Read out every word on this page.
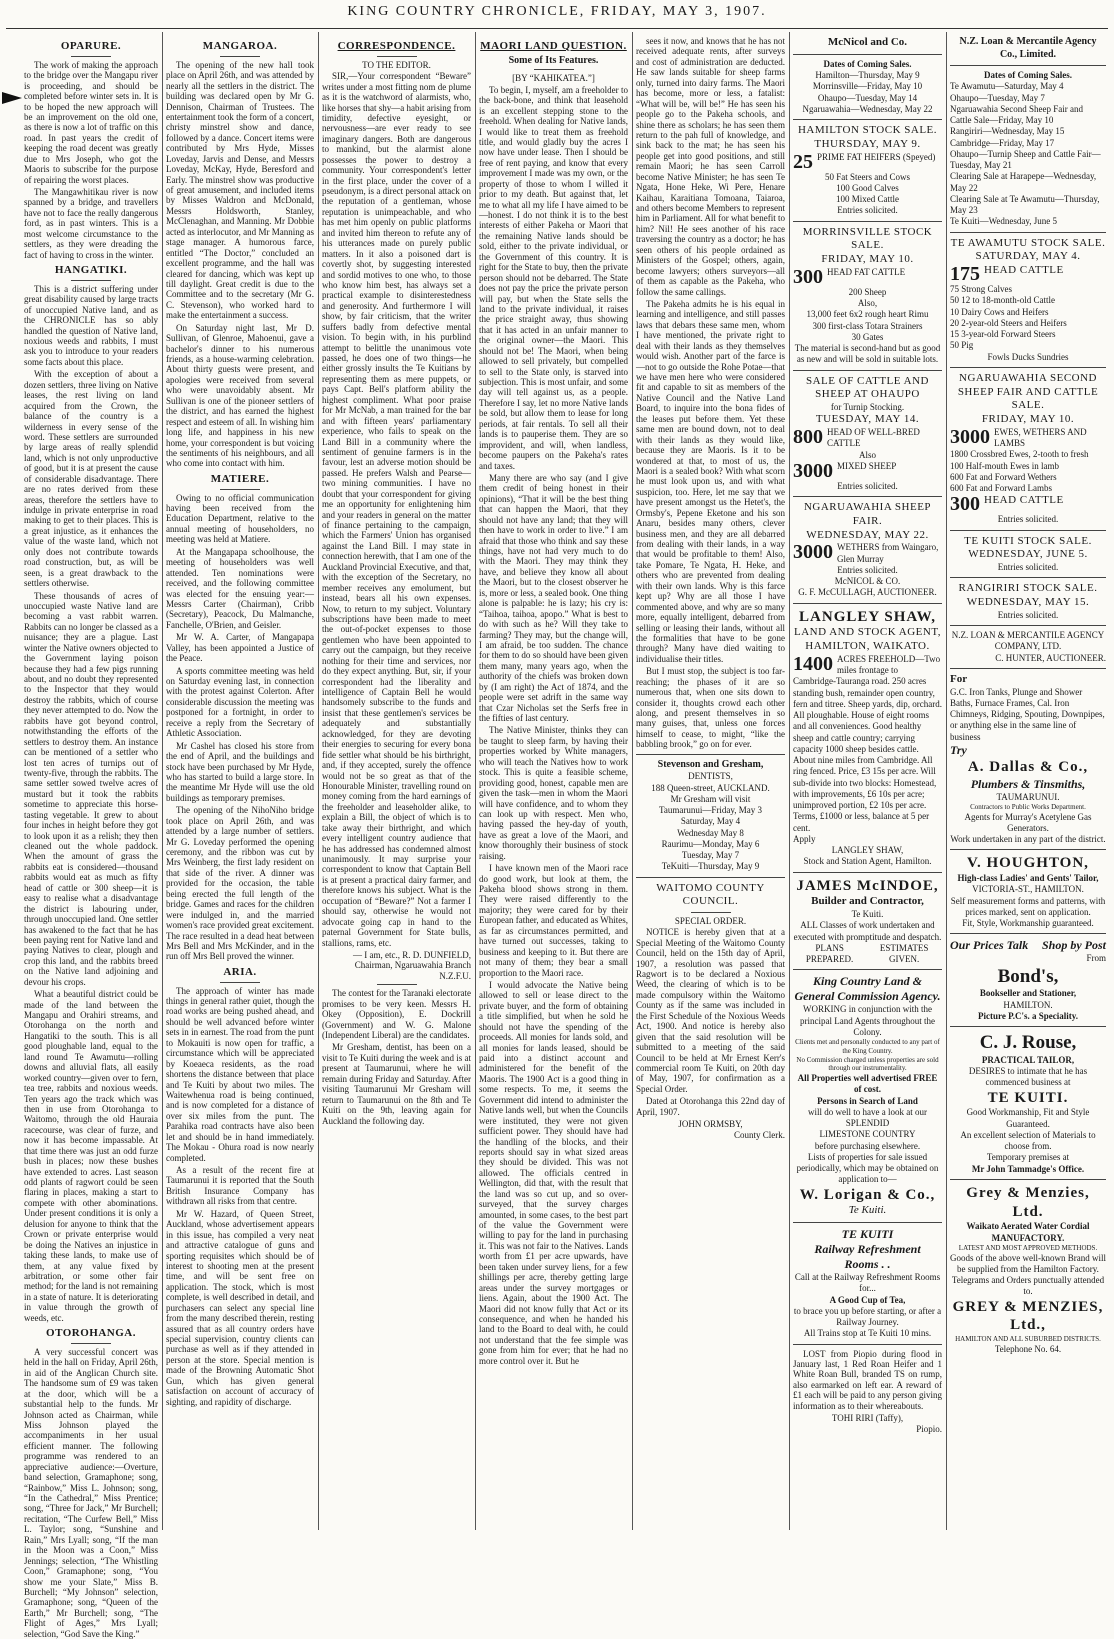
KING COUNTRY CHRONICLE, FRIDAY, MAY 3, 1907.
OPARURE.

The work of making the approach to the bridge over the Mangapu river is proceeding, and should be completed before winter sets in. It is to be hoped the new approach will be an improvement on the old one, as there is now a lot of traffic on this road. In past years the credit of keeping the road decent was greatly due to Mrs Joseph, who got the Maoris to subscribe for the purpose of repairing the worst places.

The Mangawhitikau river is now spanned by a bridge, and travellers have not to face the really dangerous ford, as in past winters. This is a most welcome circumstance to the settlers, as they were dreading the fact of having to cross in the winter.

HANGATIKI.

This is a district suffering under great disability caused by large tracts of unoccupied Native land, and as the CHRONICLE has so ably handled the question of Native land, noxious weeds and rabbits, I must ask you to introduce to your readers some facts about this place.

With the exception of about a dozen settlers, three living on Native leases, the rest living on land acquired from the Crown, the balance of the country is a wilderness in every sense of the word. These settlers are surrounded by large areas of really splendid land, which is not only unproductive of good, but it is at present the cause of considerable disadvantage. There are no rates derived from these areas, therefore the settlers have to indulge in private enterprise in road making to get to their places. This is a great injustice, as it enhances the value of the waste land, which not only does not contribute towards road construction, but, as will be seen, is a great drawback to the settlers otherwise.

These thousands of acres of unoccupied waste Native land are becoming a vast rabbit warren. Rabbits can no longer be classed as a nuisance; they are a plague. Last winter the Native owners objected to the Government laying poison because they had a few pigs running about, and no doubt they represented to the Inspector that they would destroy the rabbits, which of course they never attempted to do. Now the rabbits have got beyond control, notwithstanding the efforts of the settlers to destroy them. An instance can be mentioned of a settler who lost ten acres of turnips out of twenty-five, through the rabbits. The same settler sowed twelve acres of mustard but it took the rabbits sometime to appreciate this horse-tasting vegetable. It grew to about four inches in height before they got to look upon it as a relish; they then cleaned out the whole paddock. When the amount of grass the rabbits eat is considered—thousand rabbits would eat as much as fifty head of cattle or 300 sheep—it is easy to realise what a disadvantage the district is labouring under, through unoccupied land. One settler has awakened to the fact that he has been paying rent for Native land and paying Natives to clear, plough and crop this land, and the rabbits breed on the Native land adjoining and devour his crops.

What a beautiful district could be made of the land between the Mangapu and Orahiri streams, and Otorohanga on the north and Hangatiki to the south. This is all good ploughable land, equal to the land round Te Awamutu—rolling downs and alluvial flats, all easily worked country—given over to fern, tea tree, rabbits and noxious weeds. Ten years ago the track which was then in use from Otorohanga to Waitomo, through the old Hauraia racecourse, was clear of furze, and now it has become impassable. At that time there was just an odd furze bush in places; now these bushes have extended to acres. Last season odd plants of ragwort could be seen flaring in places, making a start to compete with other abominations. Under present conditions it is only a delusion for anyone to think that the Crown or private enterprise would be doing the Natives an injustice in taking these lands, to make use of them, at any value fixed by arbitration, or some other fair method; for the land is not remaining in a state of nature. It is deteriorating in value through the growth of weeds, etc.

OTOROHANGA.

A very successful concert was held in the hall on Friday, April 26th, in aid of the Anglican Church site. The handsome sum of £9 was taken at the door, which will be a substantial help to the funds. Mr Johnson acted as Chairman, while Miss Johnson played the accompaniments in her usual efficient manner. The following programme was rendered to an appreciative audience:—Overture, band selection, Gramaphone; song, “Rainbow,” Miss L. Johnson; song, “In the Cathedral,” Miss Prentice; song, “Three for Jack,” Mr Burchell; recitation, “The Curfew Bell,” Miss L. Taylor; song, “Sunshine and Rain,” Mrs Lyall; song, “If the man in the Moon was a Coon,” Miss Jennings; selection, “The Whistling Coon,” Gramaphone; song, “You show me your Slate,” Miss B. Burchell; “My Johnson” selection, Gramaphone; song, “Queen of the Earth,” Mr Burchell; song, “The Flight of Ages,” Mrs Lyall; selection, “God Save the King.”

MANGAROA.

The opening of the new hall took place on April 26th, and was attended by nearly all the settlers in the district. The building was declared open by Mr G. Dennison, Chairman of Trustees. The entertainment took the form of a concert, christy minstrel show and dance, followed by a dance. Concert items were contributed by Mrs Hyde, Misses Loveday, Jarvis and Dense, and Messrs Loveday, McKay, Hyde, Beresford and Early. The minstrel show was productive of great amusement, and included items by Misses Waldron and McDonald, Messrs Holdsworth, Stanley, McClenaghan, and Manning. Mr Dobbie acted as interlocutor, and Mr Manning as stage manager. A humorous farce, entitled “The Doctor,” concluded an excellent programme, and the hall was cleared for dancing, which was kept up till daylight. Great credit is due to the Committee and to the secretary (Mr G. C. Stevenson), who worked hard to make the entertainment a success.

On Saturday night last, Mr D. Sullivan, of Glenroe, Mahoenui, gave a bachelor's dinner to his numerous friends, as a house-warming celebration. About thirty guests were present, and apologies were received from several who were unavoidably absent. Mr Sullivan is one of the pioneer settlers of the district, and has earned the highest respect and esteem of all. In wishing him long life, and happiness in his new home, your correspondent is but voicing the sentiments of his neighbours, and all who come into contact with him.

MATIERE.

Owing to no official communication having been received from the Education Department, relative to the annual meeting of householders, no meeting was held at Matiere.

At the Mangapapa schoolhouse, the meeting of householders was well attended. Ten nominations were received, and the following committee was elected for the ensuing year:—Messrs Carter (Chairman), Cribb (Secretary), Peacock, Du Malmanche, Fanchelle, O'Brien, and Geisler.

Mr W. A. Carter, of Mangapapa Valley, has been appointed a Justice of the Peace.

A sports committee meeting was held on Saturday evening last, in connection with the protest against Colerton. After considerable discussion the meeting was postponed for a fortnight, in order to receive a reply from the Secretary of Athletic Association.

Mr Cashel has closed his store from the end of April, and the buildings and stock have been purchased by Mr Hyde, who has started to build a large store. In the meantime Mr Hyde will use the old buildings as temporary premises.

The opening of the NihoNiho bridge took place on April 26th, and was attended by a large number of settlers. Mr G. Loveday performed the opening ceremony, and the ribbon was cut by Mrs Weinberg, the first lady resident on that side of the river. A dinner was provided for the occasion, the table being erected the full length of the bridge. Games and races for the children were indulged in, and the married women's race provided great excitement. The race resulted in a dead heat between Mrs Bell and Mrs McKinder, and in the run off Mrs Bell proved the winner.

ARIA.

The approach of winter has made things in general rather quiet, though the road works are being pushed ahead, and should be well advanced before winter sets in in earnest. The road from the punt to Mokauiti is now open for traffic, a circumstance which will be appreciated by Koeaeca residents, as the road shortens the distance between that place and Te Kuiti by about two miles. The Waitewhenua road is being continued, and is now completed for a distance of over six miles from the punt. The Parahika road contracts have also been let and should be in hand immediately. The Mokau - Ohura road is now nearly completed.

As a result of the recent fire at Taumarunui it is reported that the South British Insurance Company has withdrawn all risks from that centre.

Mr W. Hazard, of Queen Street, Auckland, whose advertisement appears in this issue, has compiled a very neat and attractive catalogue of guns and sporting requisites which should be of interest to shooting men at the present time, and will be sent free on application. The stock, which is most complete, is well described in detail, and purchasers can select any special line from the many described therein, resting assured that as all country orders have special supervision, country clients can purchase as well as if they attended in person at the store. Special mention is made of the Browning Automatic Shot Gun, which has given general satisfaction on account of accuracy of sighting, and rapidity of discharge.

CORRESPONDENCE.
TO THE EDITOR.

SIR,—Your correspondent “Beware” writes under a most fitting nom de plume as it is the watchword of alarmists, who, like horses that shy—a habit arising from timidity, defective eyesight, or nervousness—are ever ready to see imaginary dangers. Both are dangerous to mankind, but the alarmist alone possesses the power to destroy a community. Your correspondent's letter in the first place, under the cover of a pseudonym, is a direct personal attack on the reputation of a gentleman, whose reputation is unimpeachable, and who has met him openly on public platforms and invited him thereon to refute any of his utterances made on purely public matters. In it also a poisoned dart is covertly shot, by suggesting interested and sordid motives to one who, to those who know him best, has always set a practical example to disinterestedness and generosity. And furthermore I will show, by fair criticism, that the writer suffers badly from defective mental vision. To begin with, in his purblind attempt to belittle the unanimous vote passed, he does one of two things—he either grossly insults the Te Kuitians by representing them as mere puppets, or pays Capt. Bell's platform ability the highest compliment. What poor praise for Mr McNab, a man trained for the bar and with fifteen years' parliamentary experience, who fails to speak on the Land Bill in a community where the sentiment of genuine farmers is in the favour, lest an adverse motion should be passed. He prefers Walsh and Pearse—two mining communities. I have no doubt that your correspondent for giving me an opportunity for enlightening him and your readers in general on the matter of finance pertaining to the campaign, which the Farmers' Union has organised against the Land Bill. I may state in connection herewith, that I am one of the Auckland Provincial Executive, and that, with the exception of the Secretary, no member receives any emolument, but instead, bears all his own expenses. Now, to return to my subject. Voluntary subscriptions have been made to meet the out-of-pocket expenses to those gentlemen who have been appointed to carry out the campaign, but they receive nothing for their time and services, nor do they expect anything. But, sir, if your correspondent had the liberality and intelligence of Captain Bell he would handsomely subscribe to the funds and insist that these gentlemen's services be adequately and substantially acknowledged, for they are devoting their energies to securing for every bona fide settler what should be his birthright, and, if they accepted, surely the offence would not be so great as that of the Honourable Minister, travelling round on money coming from the hard earnings of the freeholder and leaseholder alike, to explain a Bill, the object of which is to take away their birthright, and which every intelligent country audience that he has addressed has condemned almost unanimously. It may surprise your correspondent to know that Captain Bell is at present a practical dairy farmer, and therefore knows his subject. What is the occupation of “Beware?” Not a farmer I should say, otherwise he would not advocate going cap in hand to the paternal Government for State bulls, stallions, rams, etc.

— I am, etc., R. D. DUNFIELD, Chairman, Ngaruawahia Branch N.Z.F.U.

The contest for the Taranaki electorate promises to be very keen. Messrs H. Okey (Opposition), E. Dockrill (Government) and W. G. Malone (Independent Liberal) are the candidates.

Mr Gresham, dentist, has been on a visit to Te Kuiti during the week and is at present at Taumarunui, where he will remain during Friday and Saturday. After visiting Taumarunui Mr Gresham will return to Taumarunui on the 8th and Te Kuiti on the 9th, leaving again for Auckland the following day.

MAORI LAND QUESTION.
Some of Its Features.
[BY “KAHIKATEA.”]

To begin, I, myself, am a freeholder to the back-bone, and think that leasehold is an excellent stepping stone to the freehold. When dealing for Native lands, I would like to treat them as freehold title, and would gladly buy the acres I now have under lease. Then I should be free of rent paying, and know that every improvement I made was my own, or the property of those to whom I willed it prior to my death. But against that, let me to what all my life I have aimed to be—honest. I do not think it is to the best interests of either Pakeha or Maori that the remaining Native lands should be sold, either to the private individual, or the Government of this country. It is right for the State to buy, then the private person should not be debarred. The State does not pay the price the private person will pay, but when the State sells the land to the private individual, it raises the price straight away, thus showing that it has acted in an unfair manner to the original owner—the Maori. This should not be! The Maori, when being allowed to sell privately, but compelled to sell to the State only, is starved into subjection. This is most unfair, and some day will tell against us, as a people. Therefore I say, let no more Native lands be sold, but allow them to lease for long periods, at fair rentals. To sell all their lands is to pauperise them. They are so improvident, and will, when landless, become paupers on the Pakeha's rates and taxes.

Many there are who say (and I give them credit of being honest in their opinions), “That it will be the best thing that can happen the Maori, that they should not have any land; that they will then have to work in order to live.” I am afraid that those who think and say these things, have not had very much to do with the Maori. They may think they have, and believe they know all about the Maori, but to the closest observer he is, more or less, a sealed book. One thing alone is palpable: he is lazy; his cry is: “Taihoa, taihoa, apopo.” What is best to do with such as he? Will they take to farming? They may, but the change will, I am afraid, be too sudden. The chance for them to do so should have been given them many, many years ago, when the authority of the chiefs was broken down by (I am right) the Act of 1874, and the people were set adrift in the same way that Czar Nicholas set the Serfs free in the fifties of last century.

The Native Minister, thinks they can be taught to sleep farm, by having their properties worked by White managers, who will teach the Natives how to work stock. This is quite a feasible scheme, providing good, honest, capable men are given the task—men in whom the Maori will have confidence, and to whom they can look up with respect. Men who, having passed the hey-day of youth, have as great a love of the Maori, and know thoroughly their business of stock raising.

I have known men of the Maori race do good work, but look at them, the Pakeha blood shows strong in them. They were raised differently to the majority; they were cared for by their European father, and educated as Whites, as far as circumstances permitted, and have turned out successes, taking to business and keeping to it. But there are not many of them; they bear a small proportion to the Maori race.

I would advocate the Native being allowed to sell or lease direct to the private buyer, and the form of obtaining a title simplified, but when he sold he should not have the spending of the proceeds. All monies for lands sold, and all monies for lands leased, should be paid into a distinct account and administered for the benefit of the Maoris. The 1900 Act is a good thing in some respects. To me, it seems the Government did intend to administer the Native lands well, but when the Councils were instituted, they were not given sufficient power. They should have had the handling of the blocks, and their reports should say in what sized areas they should be divided. This was not allowed. The officials centred in Wellington, did that, with the result that the land was so cut up, and so over-surveyed, that the survey charges amounted, in some cases, to the best part of the value the Government were willing to pay for the land in purchasing it. This was not fair to the Natives. Lands worth from £1 per acre upwards, have been taken under survey liens, for a few shillings per acre, thereby getting large areas under the survey mortgages or liens. Again, about the 1900 Act. The Maori did not know fully that Act or its consequence, and when he handed his land to the Board to deal with, he could not understand that the fee simple was gone from him for ever; that he had no more control over it. But he

sees it now, and knows that he has not received adequate rents, after surveys and cost of administration are deducted. He saw lands suitable for sheep farms only, turned into dairy farms. The Maori has become, more or less, a fatalist: “What will be, will be!” He has seen his people go to the Pakeha schools, and shine there as scholars; he has seen them return to the pah full of knowledge, and sink back to the mat; he has seen his people get into good positions, and still remain Maori; he has seen Carroll become Native Minister; he has seen Te Ngata, Hone Heke, Wi Pere, Henare Kaihau, Karaitiana Tomoana, Taiaroa, and others become Members to represent him in Parliament. All for what benefit to him? Nil! He sees another of his race traversing the country as a doctor; he has seen others of his people ordained as Ministers of the Gospel; others, again, become lawyers; others surveyors—all of them as capable as the Pakeha, who follow the same callings.

The Pakeha admits he is his equal in learning and intelligence, and still passes laws that debars these same men, whom I have mentioned, the private right to deal with their lands as they themselves would wish. Another part of the farce is—not to go outside the Rohe Potae—that we have men here who were considered fit and capable to sit as members of the Native Council and the Native Land Board, to inquire into the bona fides of the leases put before them. Yet these same men are bound down, not to deal with their lands as they would like, because they are Maoris. Is it to be wondered at that, to most of us, the Maori is a sealed book? With what scorn he must look upon us, and with what suspicion, too. Here, let me say that we have present amongst us the Hetet's, the Ormsby's, Pepene Eketone and his son Anaru, besides many others, clever business men, and they are all debarred from dealing with their lands, in a way that would be profitable to them! Also, take Pomare, Te Ngata, H. Heke, and others who are prevented from dealing with their own lands. Why is this farce kept up? Why are all those I have commented above, and why are so many more, equally intelligent, debarred from selling or leasing their lands, without all the formalities that have to be gone through? Many have died waiting to individualise their titles.

But I must stop, the subject is too far-reaching; the phases of it are so numerous that, when one sits down to consider it, thoughts crowd each other along, and present themselves in so many guises, that, unless one forces himself to cease, to might, “like the babbling brook,” go on for ever.

Stevenson and Gresham,
DENTISTS,
188 Queen-street, AUCKLAND.
Mr Gresham will visit
Taumarunui—Friday, May 3
Saturday, May 4
Wednesday May 8
Raurimu—Monday, May 6
Tuesday, May 7
TeKuiti—Thursday, May 9
WAITOMO COUNTY COUNCIL.
SPECIAL ORDER.

NOTICE is hereby given that at a Special Meeting of the Waitomo County Council, held on the 15th day of April, 1907, a resolution was passed that Ragwort is to be declared a Noxious Weed, the clearing of which is to be made compulsory within the Waitomo County as if the same was included in the First Schedule of the Noxious Weeds Act, 1900. And notice is hereby also given that the said resolution will be submitted to a meeting of the said Council to be held at Mr Ernest Kerr's commercial room Te Kuiti, on 20th day of May, 1907, for confirmation as a Special Order.

Dated at Otorohanga this 22nd day of April, 1907.

JOHN ORMSBY,
County Clerk.
McNicol and Co.
Dates of Coming Sales.
Hamilton—Thursday, May 9
Morrinsville—Friday, May 10
Ohaupo—Tuesday, May 14
Ngaruawahia—Wednesday, May 22
HAMILTON STOCK SALE.
THURSDAY, MAY 9.
25 PRIME FAT HEIFERS (Speyed)
50 Fat Steers and Cows
100 Good Calves
100 Mixed Cattle
Entries solicited.
MORRINSVILLE STOCK SALE.
FRIDAY, MAY 10.
300 HEAD FAT CATTLE
200 Sheep
Also,
13,000 feet 6x2 rough heart Rimu
300 first-class Totara Strainers
30 Gates
The material is second-hand but as good as new and will be sold in suitable lots.
SALE OF CATTLE AND SHEEP AT OHAUPO
for Turnip Stocking.
TUESDAY, MAY 14.
800 HEAD OF WELL-BRED CATTLE
Also
3000 MIXED SHEEP
Entries solicited.
NGARUAWAHIA SHEEP FAIR.
WEDNESDAY, MAY 22.
3000 WETHERS from Waingaro, Glen Murray
Entries solicited.
McNICOL & CO.
G. F. McCULLAGH, AUCTIONEER.
LANGLEY SHAW,
LAND AND STOCK AGENT,
HAMILTON, WAIKATO.
1400 ACRES FREEHOLD—Two miles frontage to Cambridge-Tauranga road. 250 acres standing bush, remainder open country, fern and titree. Sheep yards, dip, orchard. All ploughable. House of eight rooms and all conveniences. Good healthy sheep and cattle country; carrying capacity 1000 sheep besides cattle. About nine miles from Cambridge. All ring fenced. Price, £3 15s per acre. Will sub-divide into two blocks: Homestead, with improvements, £6 10s per acre; unimproved portion, £2 10s per acre. Terms, £1000 or less, balance at 5 per cent.
Apply
LANGLEY SHAW,
Stock and Station Agent, Hamilton.
JAMES McINDOE,
Builder and Contractor,
Te Kuiti.
ALL Classes of work undertaken and executed with promptitude and despatch.
PLANS PREPARED.
ESTIMATES GIVEN.
King Country Land & General Commission Agency.
WORKING in conjunction with the principal Land Agents throughout the Colony.
Clients met and personally conducted to any part of the King Country.
No Commission charged unless properties are sold through our instrumentality.
All Properties well advertised FREE of cost.
Persons in Search of Land
will do well to have a look at our SPLENDID
LIMESTONE COUNTRY
before purchasing elsewhere.
Lists of properties for sale issued periodically, which may be obtained on application to—
W. Lorigan & Co.,
Te Kuiti.
TE KUITI
Railway Refreshment
Rooms . .
Call at the Railway Refreshment Rooms for...
A Good Cup of Tea,
to brace you up before starting, or after a Railway Journey.
All Trains stop at Te Kuiti 10 mins.

LOST from Piopio during flood in January last, 1 Red Roan Heifer and 1 White Roan Bull, branded TS on rump, also earmarked on left ear. A reward of £1 each will be paid to any person giving information as to their whereabouts.

TOHI RIRI (Taffy),
Piopio.
N.Z. Loan & Mercantile Agency Co., Limited.
Dates of Coming Sales.
Te Awamutu—Saturday, May 4
Ohaupo—Tuesday, May 7
Ngaruawahia Second Sheep Fair and Cattle Sale—Friday, May 10
Rangiriri—Wednesday, May 15
Cambridge—Friday, May 17
Ohaupo—Turnip Sheep and Cattle Fair—Tuesday, May 21
Clearing Sale at Harapepe—Wednesday, May 22
Clearing Sale at Te Awamutu—Thursday, May 23
Te Kuiti—Wednesday, June 5
TE AWAMUTU STOCK SALE.
SATURDAY, MAY 4.
175 HEAD CATTLE
75 Strong Calves
50 12 to 18-month-old Cattle
10 Dairy Cows and Heifers
20 2-year-old Steers and Heifers
15 3-year-old Forward Steers
50 Pig
Fowls Ducks Sundries
NGARUAWAHIA SECOND SHEEP FAIR AND CATTLE SALE.
FRIDAY, MAY 10.
3000 EWES, WETHERS AND LAMBS
1800 Crossbred Ewes, 2-tooth to fresh
100 Half-mouth Ewes in lamb
600 Fat and Forward Wethers
600 Fat and Forward Lambs
300 HEAD CATTLE
Entries solicited.
TE KUITI STOCK SALE.
WEDNESDAY, JUNE 5.
Entries solicited.
RANGIRIRI STOCK SALE.
WEDNESDAY, MAY 15.
Entries solicited.
N.Z. LOAN & MERCANTILE AGENCY COMPANY, LTD.
C. HUNTER, AUCTIONEER.
For
G.C. Iron Tanks, Plunge and Shower Baths, Furnace Frames, Cal. Iron Chimneys, Ridging, Spouting, Downpipes, or anything else in the same line of business
Try
A. Dallas & Co.,
Plumbers & Tinsmiths,
TAUMARUNUI.
Contractors to Public Works Department.
Agents for Murray's Acetylene Gas Generators.
Work undertaken in any part of the district.
V. HOUGHTON,
High-class Ladies' and Gents' Tailor,
VICTORIA-ST., HAMILTON.
Self measurement forms and patterns, with prices marked, sent on application.
Fit, Style, Workmanship guaranteed.
Our Prices Talk Shop by Post
From
Bond's,
Bookseller and Stationer,
HAMILTON.
Picture P.C's. a Speciality.
C. J. Rouse,
PRACTICAL TAILOR,
DESIRES to intimate that he has commenced business at
TE KUITI.
Good Workmanship, Fit and Style Guaranteed.
An excellent selection of Materials to choose from.
Temporary premises at
Mr John Tammadge's Office.
Grey & Menzies, Ltd.
Waikato Aerated Water Cordial MANUFACTORY.
LATEST AND MOST APPROVED METHODS.
Goods of the above well-known Brand will be supplied from the Hamilton Factory.
Telegrams and Orders punctually attended to.
GREY & MENZIES, Ltd.,
HAMILTON AND ALL SUBURBED DISTRICTS.
Telephone No. 64.
